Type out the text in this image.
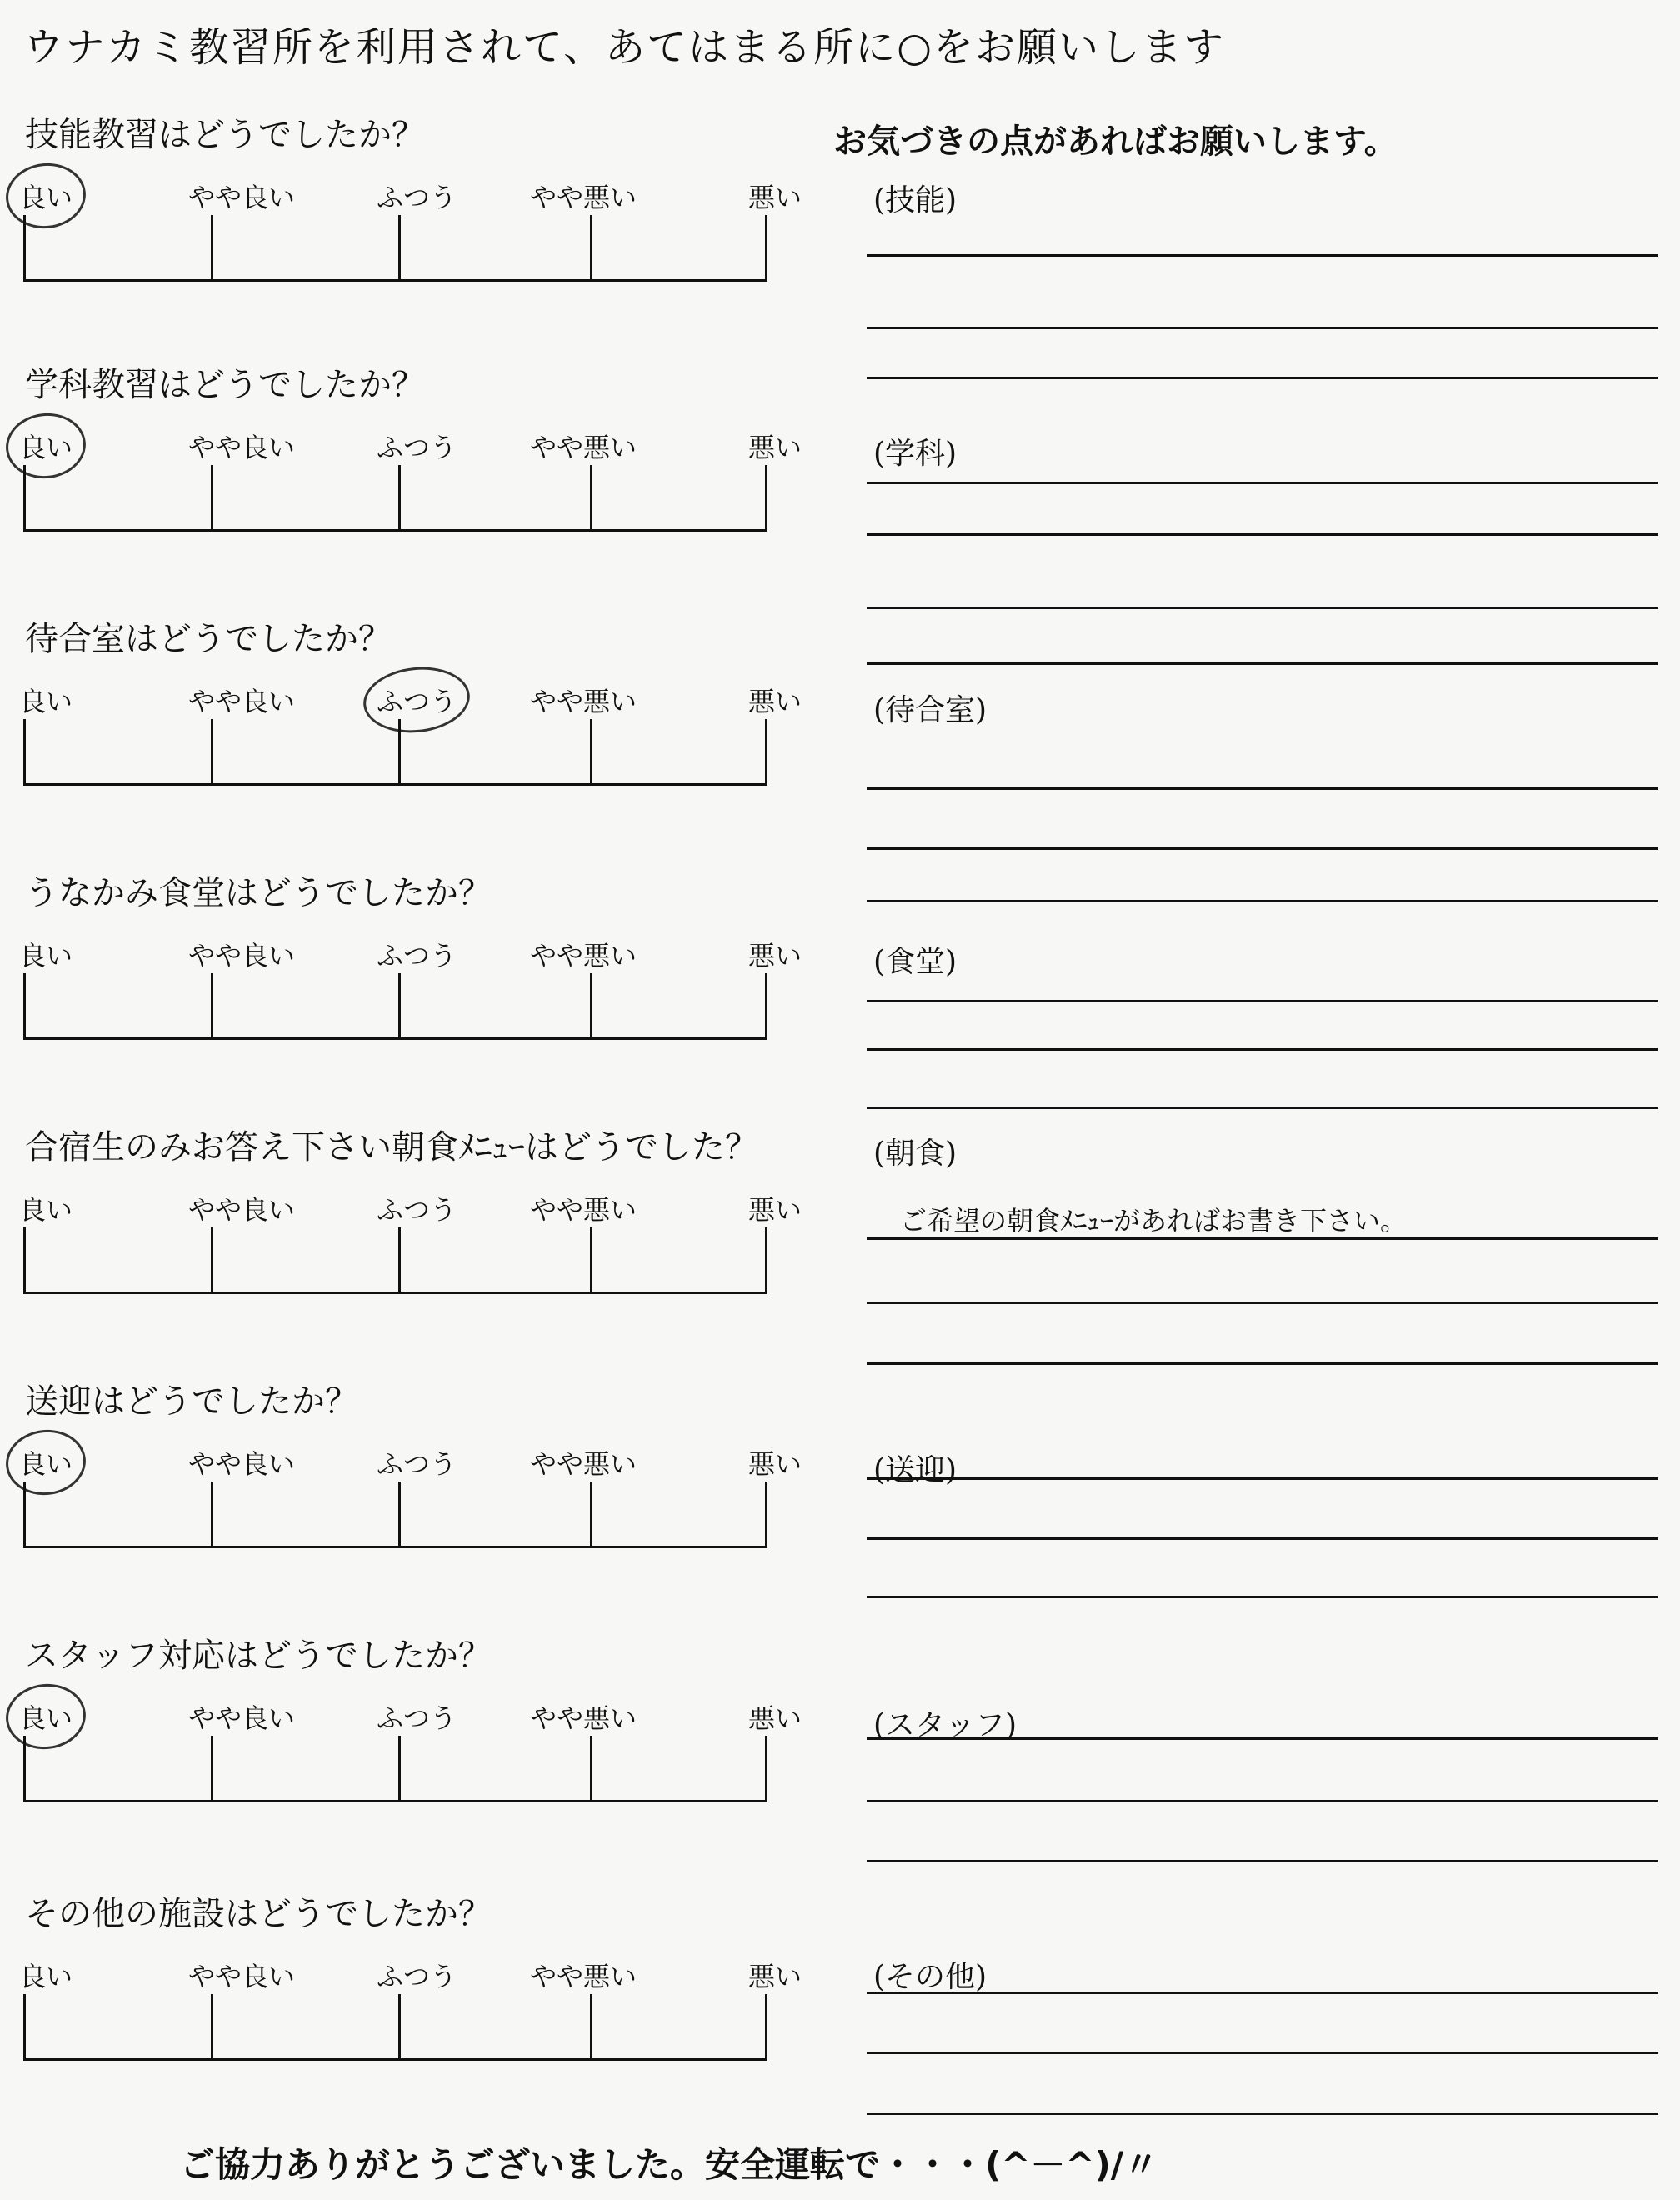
ウナカミ教習所を利用されて、あてはまる所に○をお願いします
お気づきの点があればお願いします。
技能教習はどうでしたか？
良い	やや良い	ふつう	やや悪い	悪い
学科教習はどうでしたか？
良い	やや良い	ふつう	やや悪い	悪い
待合室はどうでしたか？
良い	やや良い	ふつう	やや悪い	悪い
うなかみ食堂はどうでしたか？
良い	やや良い	ふつう	やや悪い	悪い
合宿生のみお答え下さい朝食ﾒﾆｭｰはどうでした？
良い	やや良い	ふつう	やや悪い	悪い
送迎はどうでしたか？
良い	やや良い	ふつう	やや悪い	悪い
スタッフ対応はどうでしたか？
良い	やや良い	ふつう	やや悪い	悪い
その他の施設はどうでしたか？
良い	やや良い	ふつう	やや悪い	悪い
ご希望の朝食ﾒﾆｭｰがあればお書き下さい。
ご協力ありがとうございました。安全運転で・・・(^－^)/〃
(技能)
(学科)
(待合室)
(食堂)
(朝食)
(送迎)
(スタッフ)
(その他)
